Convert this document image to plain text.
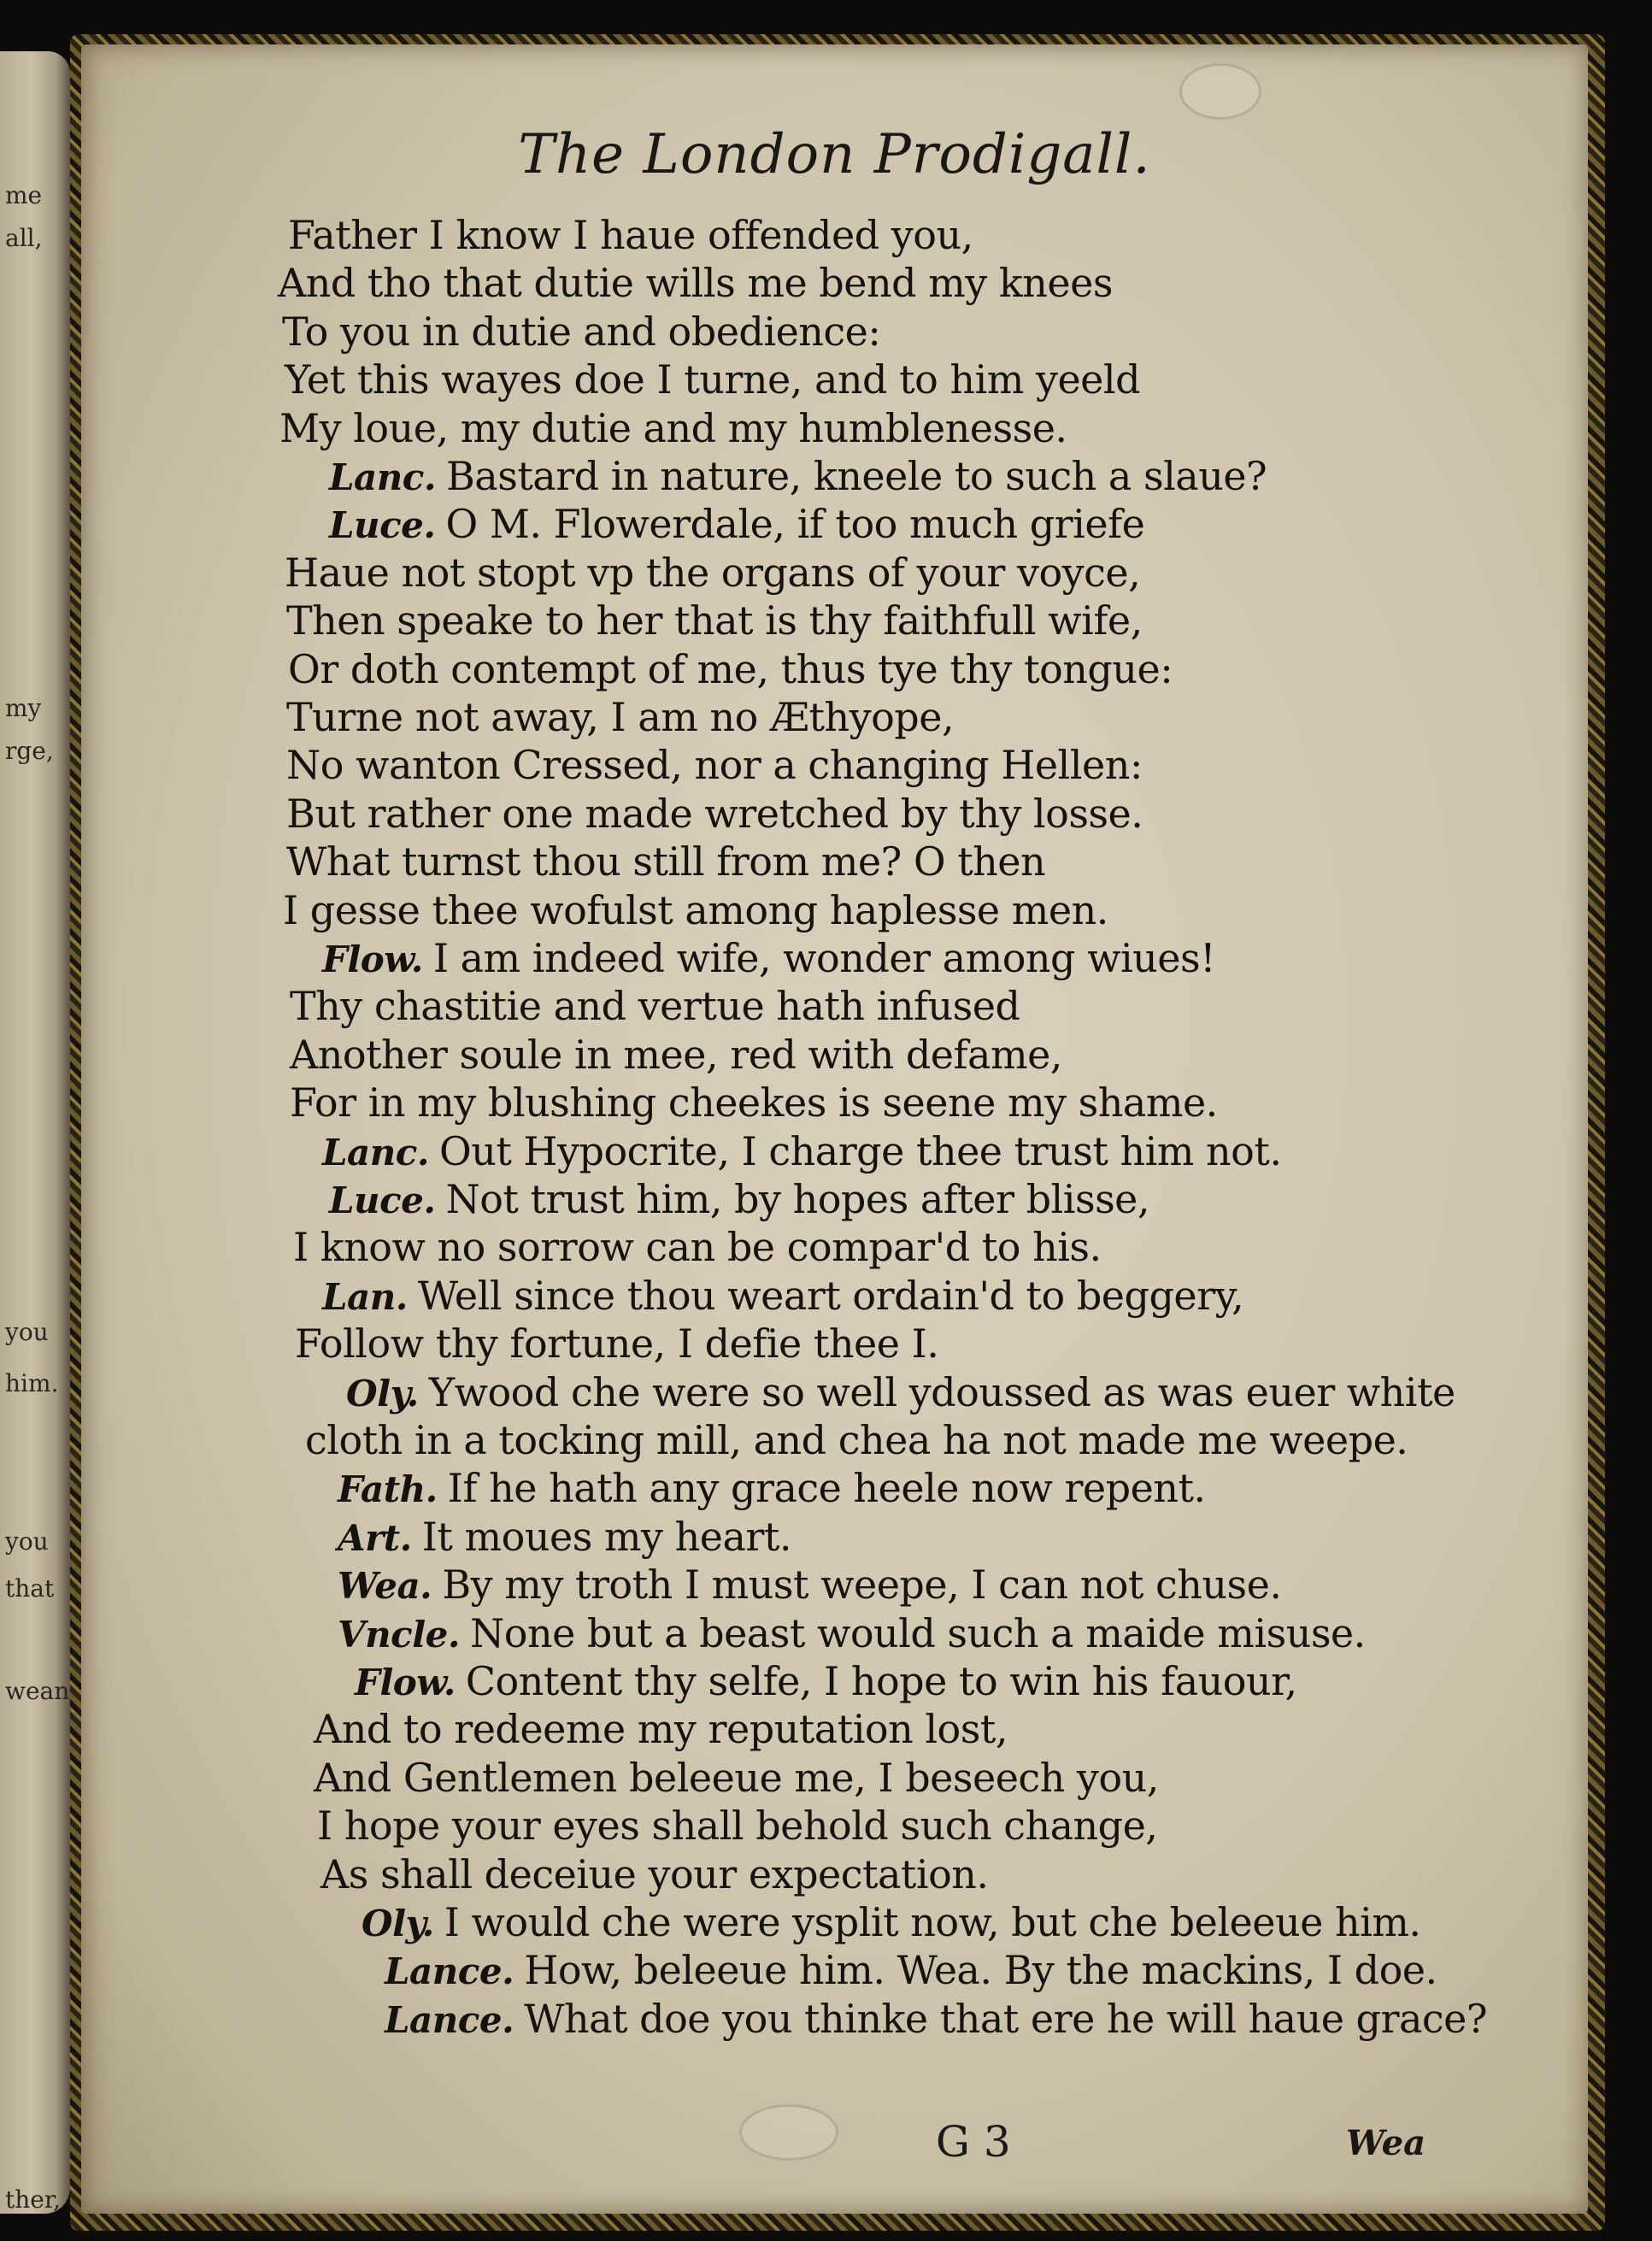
me
all,
my
rge,
you
him.
you
that
wean
ther,
The London Prodigall.
Father I know I haue offended you,
And tho that dutie wills me bend my knees
To you in dutie and obedience:
Yet this wayes doe I turne, and to him yeeld
My loue, my dutie and my humblenesse.
Lanc. Bastard in nature, kneele to such a slaue?
Luce. O M. Flowerdale, if too much griefe
Haue not stopt vp the organs of your voyce,
Then speake to her that is thy faithfull wife,
Or doth contempt of me, thus tye thy tongue:
Turne not away, I am no Æthyope,
No wanton Cressed, nor a changing Hellen:
But rather one made wretched by thy losse.
What turnst thou still from me? O then
I gesse thee wofulst among haplesse men.
Flow. I am indeed wife, wonder among wiues!
Thy chastitie and vertue hath infused
Another soule in mee, red with defame,
For in my blushing cheekes is seene my shame.
Lanc. Out Hypocrite, I charge thee trust him not.
Luce. Not trust him, by hopes after blisse,
I know no sorrow can be compar'd to his.
Lan. Well since thou weart ordain'd to beggery,
Follow thy fortune, I defie thee I.
Oly. Ywood che were so well ydoussed as was euer white
cloth in a tocking mill, and chea ha not made me weepe.
Fath. If he hath any grace heele now repent.
Art. It moues my heart.
Wea. By my troth I must weepe, I can not chuse.
Vncle. None but a beast would such a maide misuse.
Flow. Content thy selfe, I hope to win his fauour,
And to redeeme my reputation lost,
And Gentlemen beleeue me, I beseech you,
I hope your eyes shall behold such change,
As shall deceiue your expectation.
Oly. I would che were ysplit now, but che beleeue him.
Lance. How, beleeue him. Wea. By the mackins, I doe.
Lance. What doe you thinke that ere he will haue grace?
G 3	Wea
